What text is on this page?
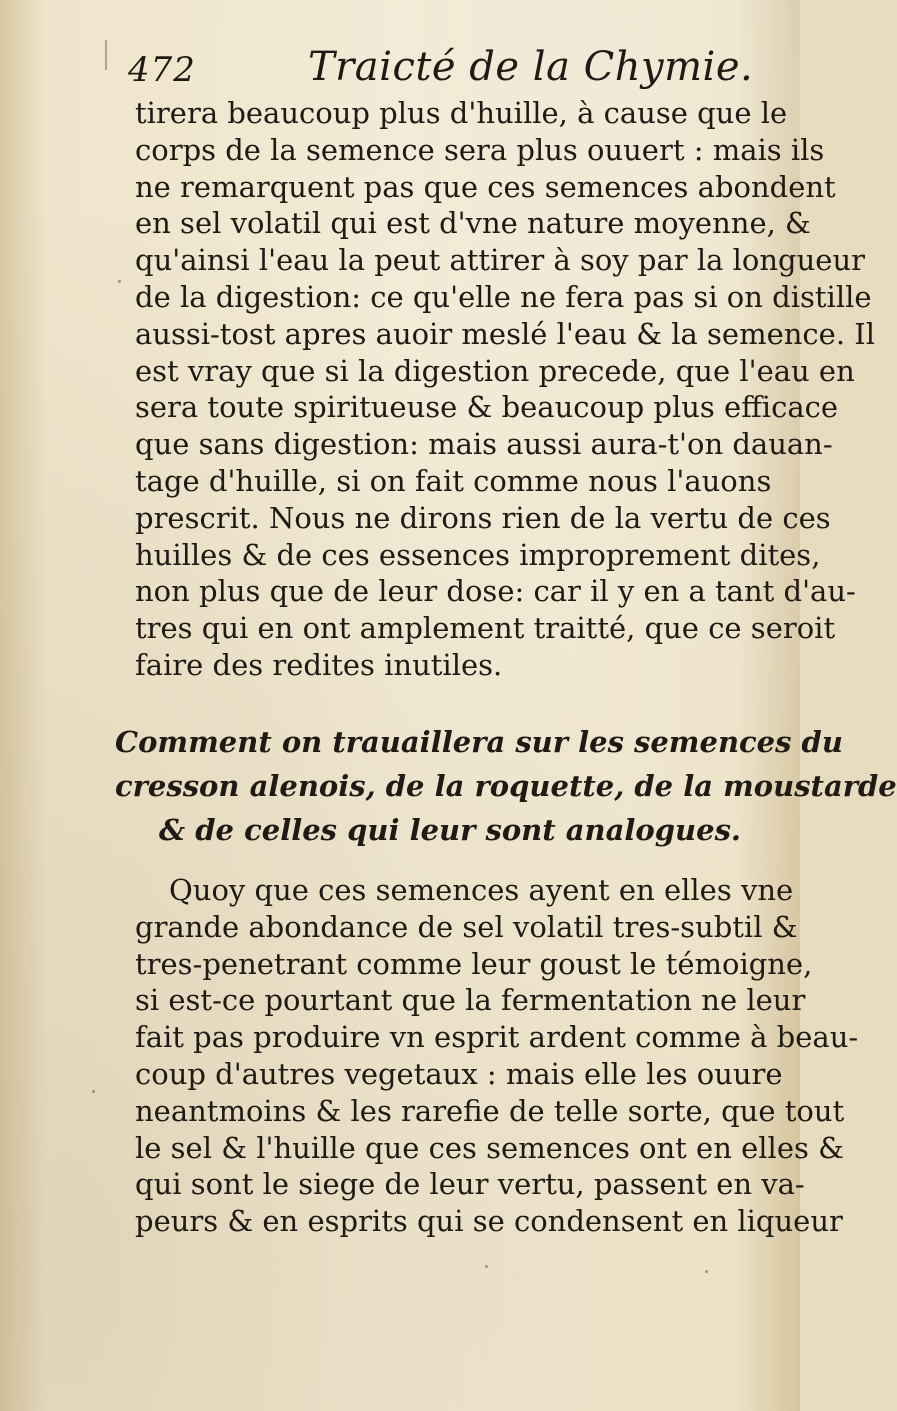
472	Traicté de la Chymie.
tirera beaucoup plus d'huille, à cause que le
corps de la semence sera plus ouuert : mais ils
ne remarquent pas que ces semences abondent
en sel volatil qui est d'vne nature moyenne, &
qu'ainsi l'eau la peut attirer à soy par la longueur
de la digestion: ce qu'elle ne fera pas si on distille
aussi-tost apres auoir meslé l'eau & la semence. Il
est vray que si la digestion precede, que l'eau en
sera toute spiritueuse & beaucoup plus efficace
que sans digestion: mais aussi aura-t'on dauan-
tage d'huille, si on fait comme nous l'auons
prescrit. Nous ne dirons rien de la vertu de ces
huilles & de ces essences improprement dites,
non plus que de leur dose: car il y en a tant d'au-
tres qui en ont amplement traitté, que ce seroit
faire des redites inutiles.
Comment on trauaillera sur les semences du
cresson alenois, de la roquette, de la moustarde
& de celles qui leur sont analogues.
Quoy que ces semences ayent en elles vne
grande abondance de sel volatil tres-subtil &
tres-penetrant comme leur goust le témoigne,
si est-ce pourtant que la fermentation ne leur
fait pas produire vn esprit ardent comme à beau-
coup d'autres vegetaux : mais elle les ouure
neantmoins & les rarefie de telle sorte, que tout
le sel & l'huille que ces semences ont en elles &
qui sont le siege de leur vertu, passent en va-
peurs & en esprits qui se condensent en liqueur
